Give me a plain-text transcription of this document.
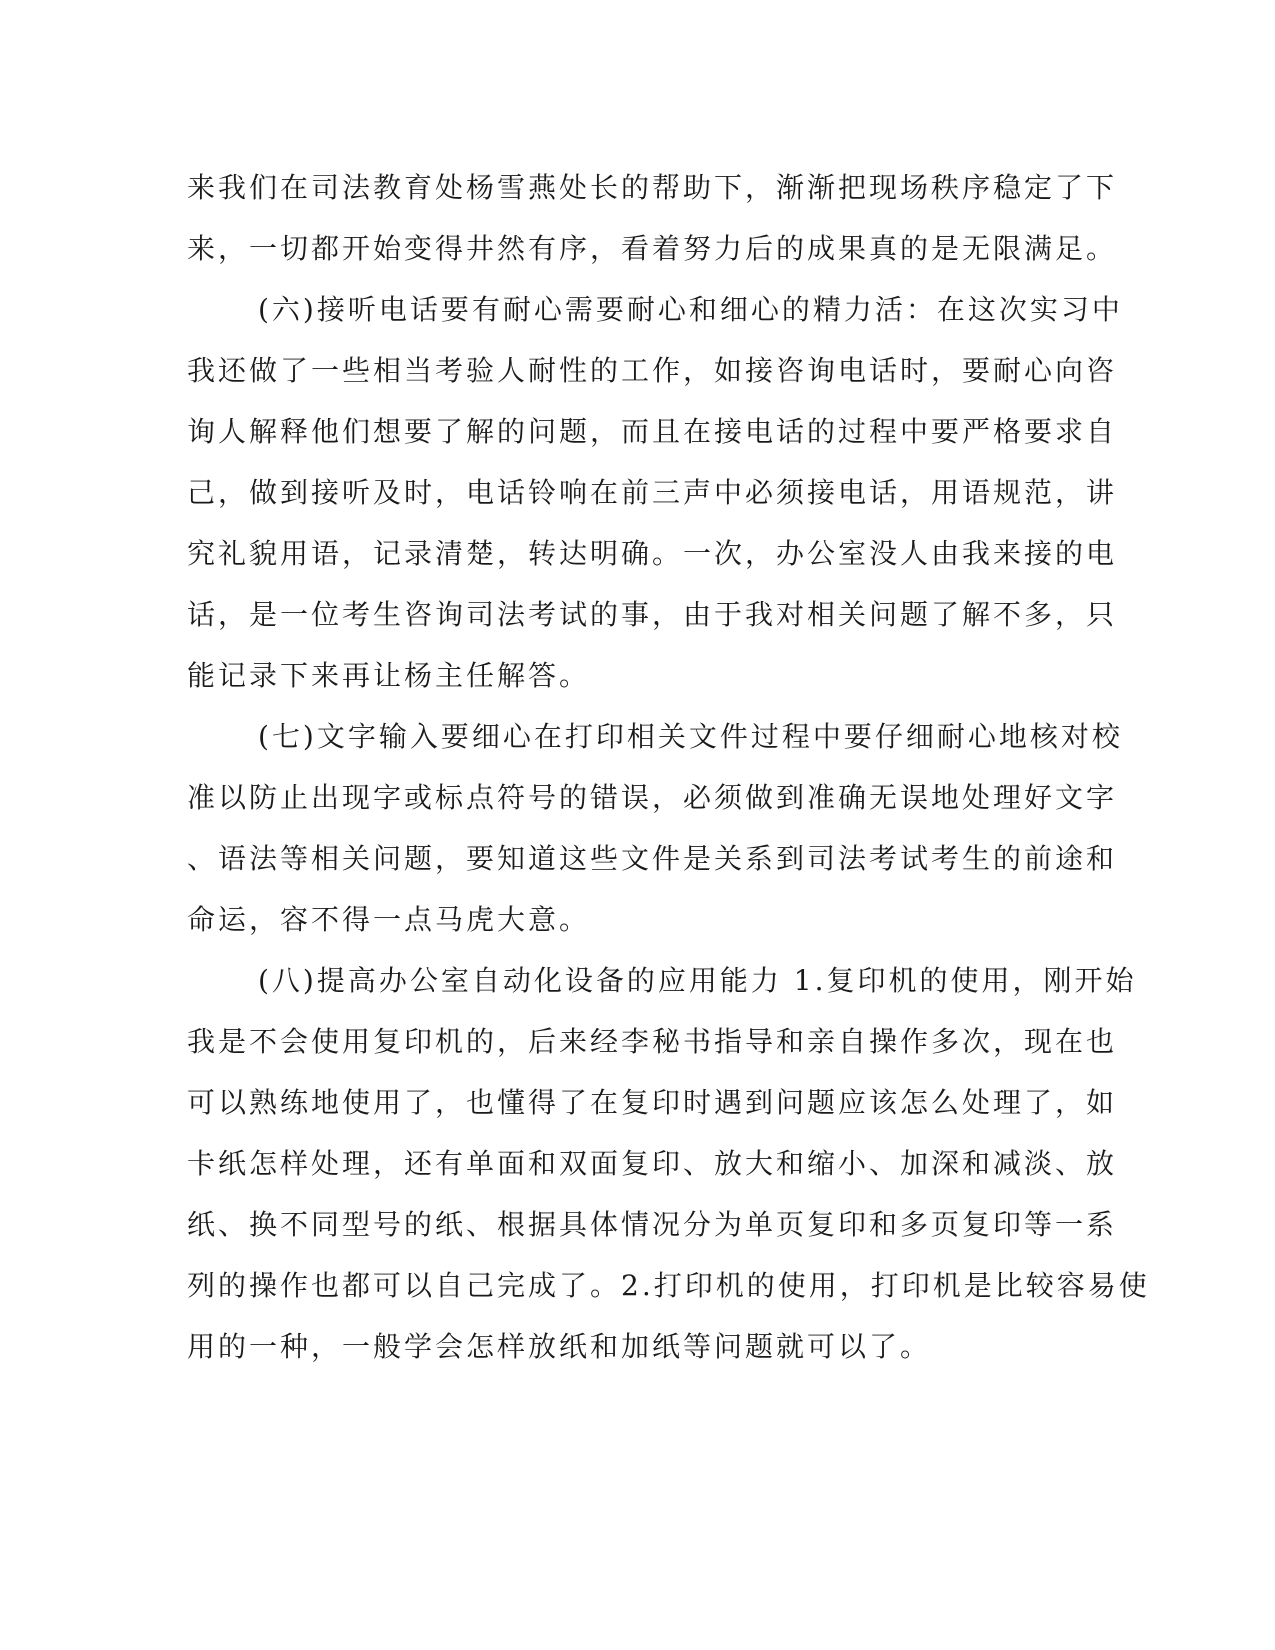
来我们在司法教育处杨雪燕处长的帮助下，渐渐把现场秩序稳定了下
来，一切都开始变得井然有序，看着努力后的成果真的是无限满足。
(六)接听电话要有耐心需要耐心和细心的精力活：在这次实习中
我还做了一些相当考验人耐性的工作，如接咨询电话时，要耐心向咨
询人解释他们想要了解的问题，而且在接电话的过程中要严格要求自
己，做到接听及时，电话铃响在前三声中必须接电话，用语规范，讲
究礼貌用语，记录清楚，转达明确。一次，办公室没人由我来接的电
话，是一位考生咨询司法考试的事，由于我对相关问题了解不多，只
能记录下来再让杨主任解答。
(七)文字输入要细心在打印相关文件过程中要仔细耐心地核对校
准以防止出现字或标点符号的错误，必须做到准确无误地处理好文字
、语法等相关问题，要知道这些文件是关系到司法考试考生的前途和
命运，容不得一点马虎大意。
(八)提高办公室自动化设备的应用能力 1.复印机的使用，刚开始
我是不会使用复印机的，后来经李秘书指导和亲自操作多次，现在也
可以熟练地使用了，也懂得了在复印时遇到问题应该怎么处理了，如
卡纸怎样处理，还有单面和双面复印、放大和缩小、加深和减淡、放
纸、换不同型号的纸、根据具体情况分为单页复印和多页复印等一系
列的操作也都可以自己完成了。2.打印机的使用，打印机是比较容易使
用的一种，一般学会怎样放纸和加纸等问题就可以了。
